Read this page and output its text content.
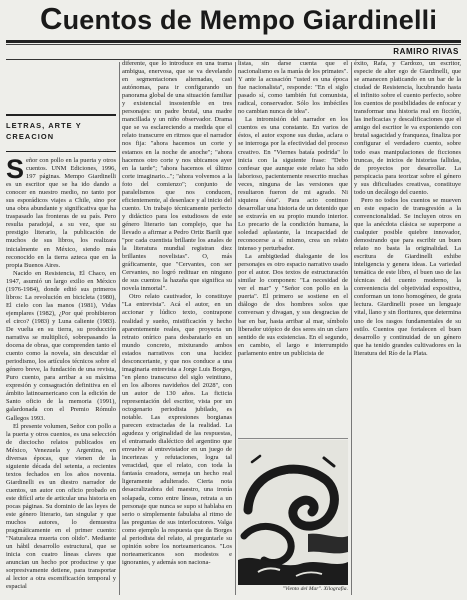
Cuentos de Mempo Giardinelli
RAMIRO RIVAS
LETRAS, ARTE Y
CREACION

Señor con pollo en la puerta y otros cuentos. UNM Ediciones, 1996, 197 páginas. Mempo Giardinelli es un escritor que se ha ido dando a conocer en nuestro medio, no tanto por sus esporádicos viajes a Chile, sino por una obra abundante y significativa que ha traspasado las fronteras de su país. Pero resulta paradojal, a su vez, que su prestigio literario, la publicación de muchos de sus libros, los realizara inicialmente en México, siendo más reconocido en la tierra azteca que en la propia Buenos Aires.

Nacido en Resistencia, El Chaco, en 1947, asumió un largo exilio en México (1976-1984), donde editó sus primeros libros: La revolución en bicicleta (1980), El cielo con las manos (1981), Vidas ejemplares (1982), ¿Por qué prohibieron el circo? (1983) y Luna caliente (1983). De vuelta en su tierra, su producción narrativa se multiplicó, sobrepasando la docena de obras, que comprenden tanto el cuento como la novela, sin descuidar el periodismo, los artículos técnicos sobre el género breve, la fundación de una revista, Puro cuento, para arribar a su máxima expresión y consagración definitiva en el ámbito latinoamericano con la edición de Santo oficio de la memoria (1991), galardonada con el Premio Rómulo Gallegos 1993.

El presente volumen, Señor con pollo a la puerta y otros cuentos, es una selección de dieciocho relatos publicados en México, Venezuela y Argentina, en diversas épocas, que vienen de la siguiente década del setenta, a recientes textos fechados en los años noventa. Giardinelli es un diestro narrador de cuentos, un autor con oficio probado en este difícil arte de articular una historia en pocas páginas. Su dominio de las leyes de este género literario, tan singular y que muchos autores, lo demuestra pragmáticamente en el primer cuento: "Naturaleza muerta con olido". Mediante un hábil desarrollo estructural, que se inicia con cuatro líneas claves que anuncian un hecho por producirse y que sorpresivamente detiene, para transportar al lector a otra escenificación temporal y espacial

diferente, que lo introduce en una trama ambigua, enervosa, que se va develando en segmentaciones alternadas, casi autónomas, para ir configurando un panorama global de una situación familiar y existencial insostenible en tres personajes: un padre brutal, una madre mancillada y un niño observador. Drama que se va esclareciendo a medida que el relato transcurre en ritmos que el narrador nos fija: "ahora hacemos un corte y estamos en la noche de anoche"; "ahora hacemos otro corte y nos ubicamos ayer en la tarde"; "ahora hacemos el último corte imaginario..."; "ahora volvemos a la foto del comienzo"; conjunto de paralelismos que nos conducen, eficientemente, al desenlace y al inicio del cuento. Un trabajo técnicamente perfecto y didáctico para los estudiosos de este género literario tan complejo, que ha llevado a afirmar a Pedro Ortiz Barili que "por cada cuentista brillante los anales de la literatura mundial registran diez brillantes novelistas". O, más gráficamente, que "Cervantes, con ser Cervantes, no logró redituar en ninguno de sus cuentos la hazaña que significa su novela inmortal".

Otro relato cautivador, lo constituye "La entrevista". Acá el autor, en un accionar y lúdico texto, contrapone realidad y sueño, mistificación y hecho aparentemente reales, que proyecta un retrato onírico para desbaratarlo en un mundo concreto, mixturando ambos estados narrativos con una lucidez desconcertante, y que nos conduce a una imaginaria entrevista a Jorge Luis Borges, "en pleno transcurso del siglo veintiuno, en los albores navideños del 2028", con un autor de 130 años. La ficticia representación del escritor, vista por un octogenario periodista jubilado, es notable. Las expresiones borgianas parecen extractadas de la realidad. La agudeza y originalidad de las respuestas, el entramado dialéctico del argentino que envuelve al entrevistador en un juego de incertezas y refutaciones, logra tal veracidad, que el relato, con toda la fantasía creadora, semeja un hecho real ligeramente adulterado. Cierta nota desacralizadora del maestro, una ironía solapada, como entre líneas, retrata a un personaje que nunca se supo si hablaba en serio o simplemente fabulaba al ritmo de las preguntas de sus interlocutores. Valga como ejemplo la respuesta que da Borges al periodista del relato, al preguntarle su opinión sobre los norteamericanos. "Los norteamericanos son modestos e ignorantes, y además son naciona-

listas, sin darse cuenta que el nacionalismo es la manía de los primates". Y ante la acusación "usted es una época fue nacionalista", responde: "En el siglo pasado sí, como también fui comunista, radical, conservador. Sólo los imbéciles no cambian nunca de idea".

La intromisión del narrador en los cuentos es una constante. En varios de éstos, el autor expone sus dudas, aclara o se interroga por la efectividad del proceso creativo. En "Viernes bataía podrida" lo inicia con la siguiente frase: "Debo confesar que aunque este relato ha sido laborioso, pacientemente resecrito muchas veces, ninguna de las versiones que resultaron fueron de mi agrado. Ni siquiera ésta". Para acto continuo desarrollar una historia de un detenido que se extravía en su propio mundo interior. Lo precario de la condición humana, la soledad aplastante, la incapacidad de reconocerse a sí mismo, crea un relato intenso y perturbador.

La ambigüedad dialogante de los personajes es otro espacio narrativo usado por el autor. Dos textos de estructuración similar lo componen: "La necesidad de ver el mar" y "Señor con pollo en la puerta". El primero se sostiene en el diálogo de dos hombres solos que conversan y divagan, y sus desgracias de bar en bar, hasta arribar al mar, símbolo liberador utópico de dos seres sin un claro sentido de sus existencias. En el segundo, en cambio, el largo e interrumpido parlamento entre un publicista de

éxito, Rafa, y Cardozo, un escritor, especie de alter ego de Giardinelli, que se amanecen platicando en un bar de la ciudad de Resistencia, lucubrando hasta el infinito sobre el cuento perfecto, sobre los cuentos de posibilidades de enfocar y transformar una historia real en ficción, las ineficacias y descalificaciones que el amigo del escritor le va exponiendo con brutal sagacidad y franqueza, finaliza por configurar el verdadero cuento, sobre todo esas manipulaciones de ficciones truncas, de inicios de historias fallidas, de proyectos por desarrollar. La perspicacia para teorizar sobre el género y sus dificultades creativas, constituye todo un decálogo del cuento.

Pero no todos los cuentos se mueven en este espacio de transgresión a la convencionalidad. Se incluyen otros en que la anécdota clásica se superpone a cualquier posible quiebre innovador, demostrando que para escribir un buen relato no basta la originalidad. La escritura de Giardinelli exhibe inteligencia y genera ideas. La variedad temática de este libro, el buen uso de las técnicas del cuento moderno, la conveniencia del objetividad expositiva, conforman un tono homogéneo, de grata lectura. Giardinelli posee un lenguaje vital, llano y sin floritures, que determina uno de los rasgos fundamentales de su estilo. Cuentos que fortalecen el buen desarrollo y continuidad de un género que ha tenido grandes cultivadores en la literatura del Río de la Plata.

"Viento del Mar". Xilografía.
